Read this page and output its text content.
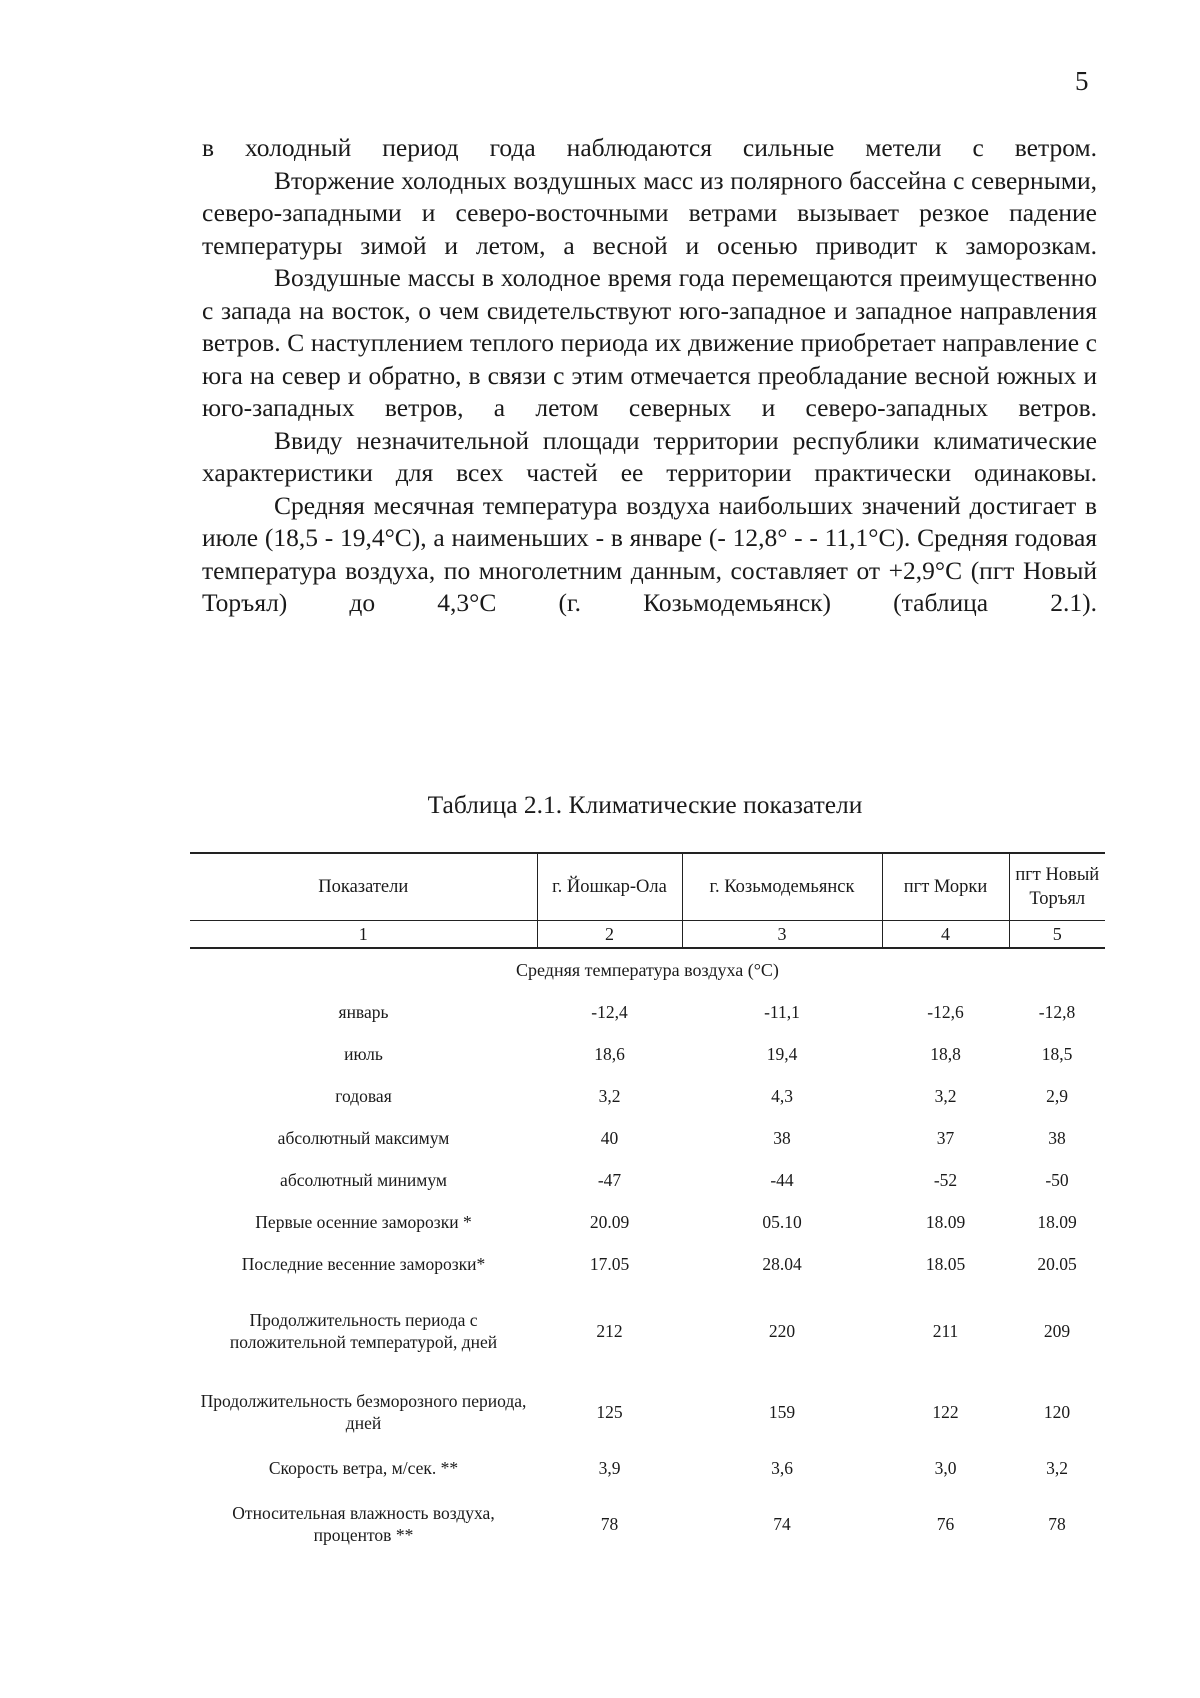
5

в холодный период года наблюдаются сильные метели с ветром.

Вторжение холодных воздушных масс из полярного бассейна с северными, северо-западными и северо-восточными ветрами вызывает резкое падение температуры зимой и летом, а весной и осенью приводит к заморозкам.

Воздушные массы в холодное время года перемещаются преимущественно с запада на восток, о чем свидетельствуют юго-западное и западное направления ветров. С наступлением теплого периода их движение приобретает направление с юга на север и обратно, в связи с этим отмечается преобладание весной южных и юго-западных ветров, а летом северных и северо-западных ветров.

Ввиду незначительной площади территории республики климатические характеристики для всех частей ее территории практически одинаковы.

Средняя месячная температура воздуха наибольших значений достигает в июле (18,5 - 19,4°С), а наименьших - в январе (- 12,8° - - 11,1°С). Средняя годовая температура воздуха, по многолетним данным, составляет от +2,9°С (пгт Новый Торъял) до 4,3°С (г. Козьмодемьянск) (таблица 2.1).

Таблица 2.1. Климатические показатели
Показатели	г. Йошкар-Ола	г. Козьмодемьянск	пгт Морки	пгт Новый Торъял
1	2	3	4	5
Средняя температура воздуха (°С)				
январь	-12,4	-11,1	-12,6	-12,8
июль	18,6	19,4	18,8	18,5
годовая	3,2	4,3	3,2	2,9
абсолютный максимум	40	38	37	38
абсолютный минимум	-47	-44	-52	-50
Первые осенние заморозки *	20.09	05.10	18.09	18.09
Последние весенние заморозки*	17.05	28.04	18.05	20.05
Продолжительность периода с положительной температурой, дней	212	220	211	209
Продолжительность безморозного периода, дней	125	159	122	120
Скорость ветра, м/сек. **	3,9	3,6	3,0	3,2
Относительная влажность воздуха, процентов **	78	74	76	78
